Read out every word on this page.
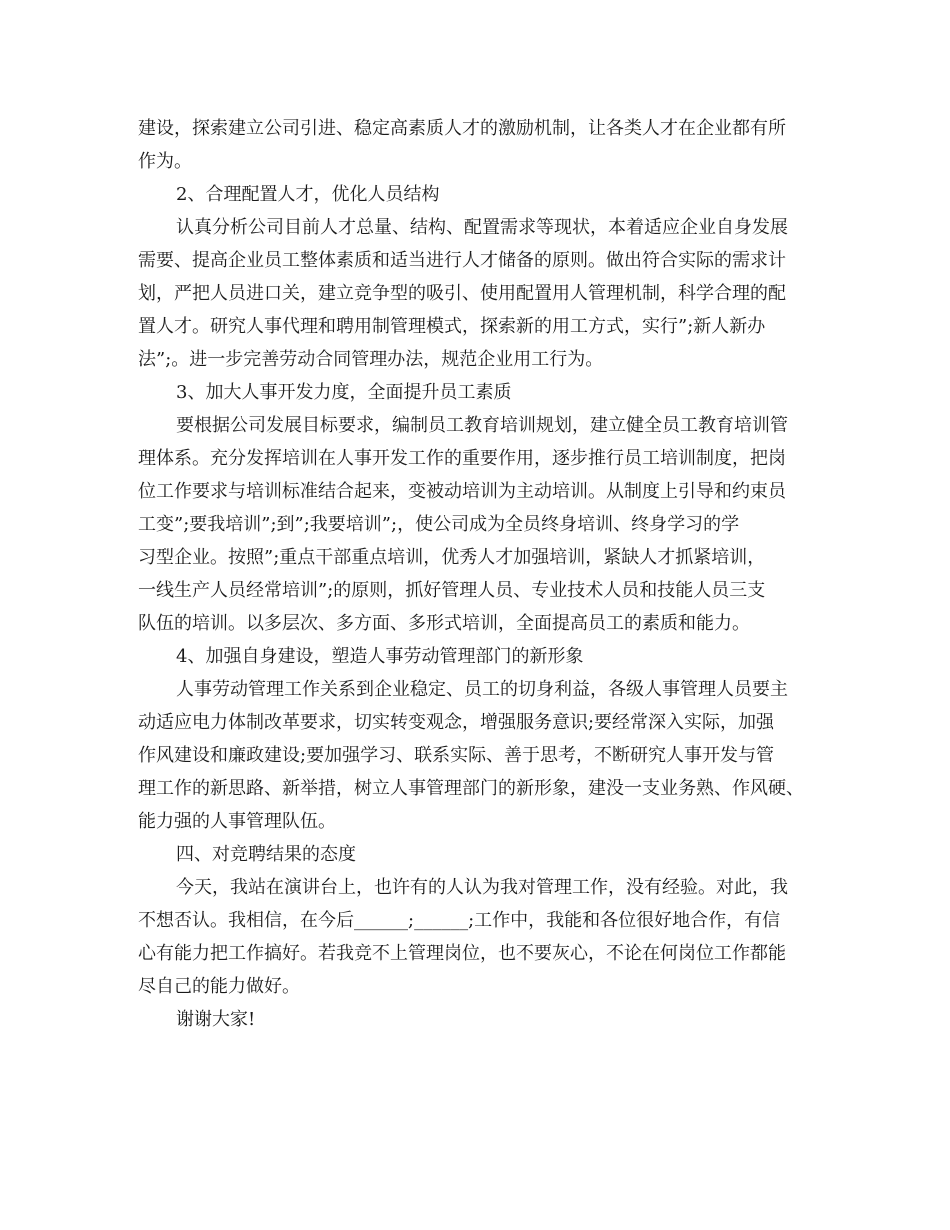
建设，探索建立公司引进、稳定高素质人才的激励机制，让各类人才在企业都有所
作为。
2、合理配置人才，优化人员结构
认真分析公司目前人才总量、结构、配置需求等现状，本着适应企业自身发展
需要、提高企业员工整体素质和适当进行人才储备的原则。做出符合实际的需求计
划，严把人员进口关，建立竞争型的吸引、使用配置用人管理机制，科学合理的配
置人才。研究人事代理和聘用制管理模式，探索新的用工方式，实行”;新人新办
法”;。进一步完善劳动合同管理办法，规范企业用工行为。
3、加大人事开发力度，全面提升员工素质
要根据公司发展目标要求，编制员工教育培训规划，建立健全员工教育培训管
理体系。充分发挥培训在人事开发工作的重要作用，逐步推行员工培训制度，把岗
位工作要求与培训标准结合起来，变被动培训为主动培训。从制度上引导和约束员
工变”;要我培训”;到”;我要培训”;，使公司成为全员终身培训、终身学习的学
习型企业。按照”;重点干部重点培训，优秀人才加强培训，紧缺人才抓紧培训，
一线生产人员经常培训”;的原则，抓好管理人员、专业技术人员和技能人员三支
队伍的培训。以多层次、多方面、多形式培训，全面提高员工的素质和能力。
4、加强自身建设，塑造人事劳动管理部门的新形象
人事劳动管理工作关系到企业稳定、员工的切身利益，各级人事管理人员要主
动适应电力体制改革要求，切实转变观念，增强服务意识;要经常深入实际，加强
作风建设和廉政建设;要加强学习、联系实际、善于思考，不断研究人事开发与管
理工作的新思路、新举措，树立人事管理部门的新形象，建没一支业务熟、作风硬、
能力强的人事管理队伍。
四、对竞聘结果的态度
今天，我站在演讲台上，也许有的人认为我对管理工作，没有经验。对此，我
不想否认。我相信，在今后______;______;工作中，我能和各位很好地合作，有信
心有能力把工作搞好。若我竞不上管理岗位，也不要灰心，不论在何岗位工作都能
尽自己的能力做好。
谢谢大家!
